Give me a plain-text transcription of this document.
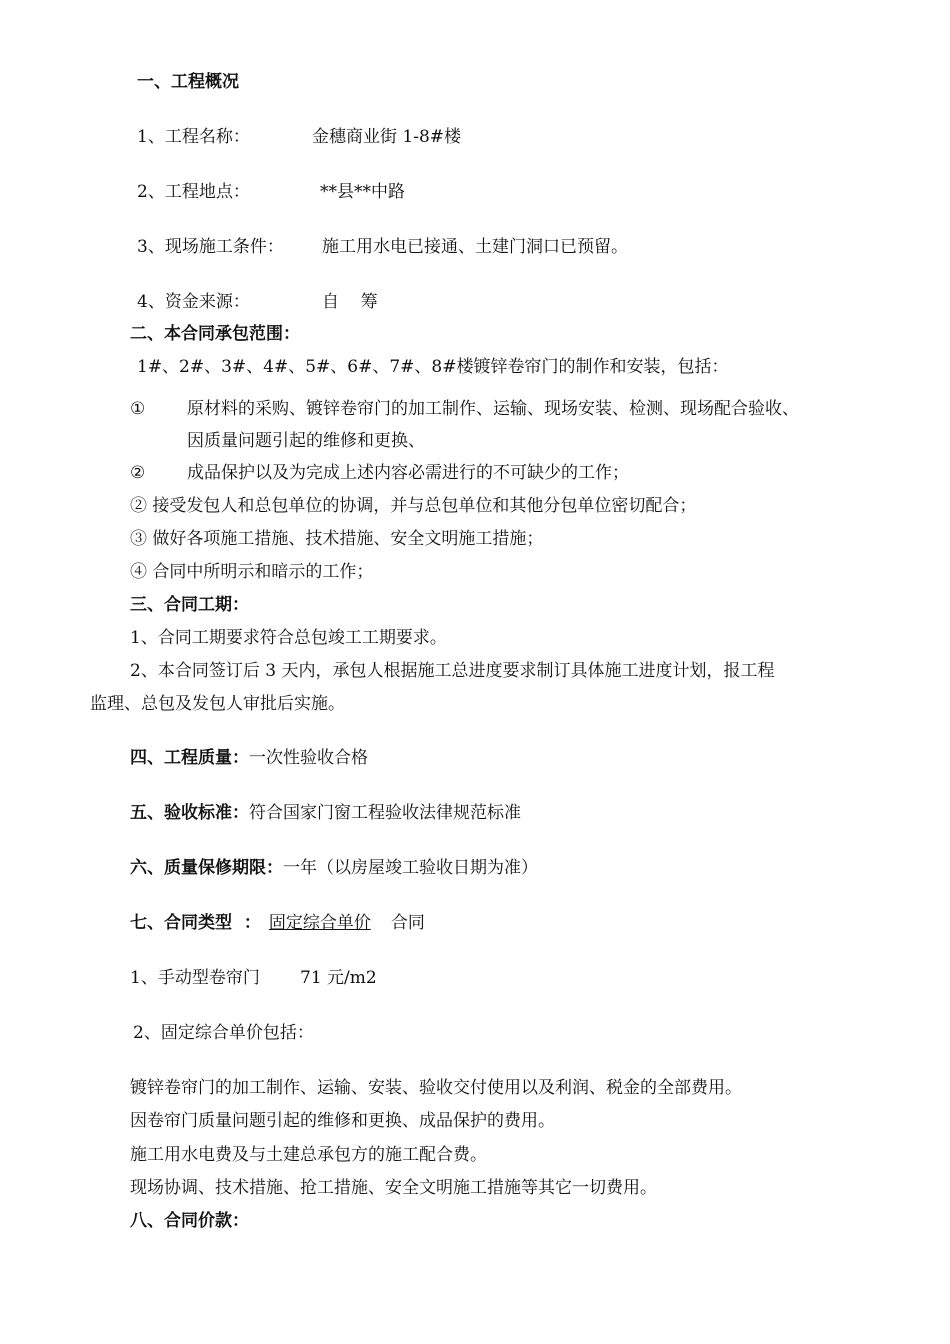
一、工程概况
1、工程名称：	金穗商业街 1-8#楼
2、工程地点：	**县**中路
3、现场施工条件： 施工用水电已接通、土建门洞口已预留。
4、资金来源：	自    筹
二、本合同承包范围：
1#、2#、3#、4#、5#、6#、7#、8#楼镀锌卷帘门的制作和安装，包括：
① 原材料的采购、镀锌卷帘门的加工制作、运输、现场安装、检测、现场配合验收、
因质量问题引起的维修和更换、
② 成品保护以及为完成上述内容必需进行的不可缺少的工作；
② 接受发包人和总包单位的协调，并与总包单位和其他分包单位密切配合；
③ 做好各项施工措施、技术措施、安全文明施工措施；
④ 合同中所明示和暗示的工作；
三、合同工期：
1、合同工期要求符合总包竣工工期要求。
2、本合同签订后 3 天内，承包人根据施工总进度要求制订具体施工进度计划，报工程
监理、总包及发包人审批后实施。
四、工程质量：一次性验收合格
五、验收标准：符合国家门窗工程验收法律规范标准
六、质量保修期限：一年（以房屋竣工验收日期为准）
七、合同类型  ： 固定综合单价 合同
1、手动型卷帘门 71 元/m2
2、固定综合单价包括：
镀锌卷帘门的加工制作、运输、安装、验收交付使用以及利润、税金的全部费用。
因卷帘门质量问题引起的维修和更换、成品保护的费用。
施工用水电费及与土建总承包方的施工配合费。
现场协调、技术措施、抢工措施、安全文明施工措施等其它一切费用。
八、合同价款：
